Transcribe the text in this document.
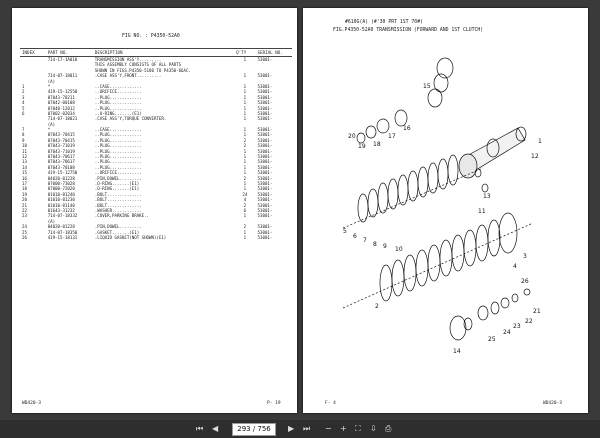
FIG NO. : P4350-52A0
INDEX	PART NO.	DESCRIPTION	Q'TY	SERIAL NO.
	714-17-1A010	TRANSMISSION ASS'Y.........	1	53001-
		THIS ASSEMBLY CONSISTS OF ALL PARTS		
		SHOWN IN FIGS.P4350-5180 TO P4350-66AC.		
	714-07-18011	.CASE ASS'Y,FRONT..........	1	53001-
	(A)			
1	*	..CASE.............	1	53001-
2	419-15-12550	..ORIFICE..........	1	53001-
3	07043-70211	..PLUG.............	1	53001-
4	07042-00108	..PLUG.............	1	53001-
5	07040-12012	..PLUG.............	1	53001-
6	07002-02034	..O-RING.......(E1)	1	53001-
	714-07-18021	.CASE ASS'Y,TORQUE CONVERTER.	1	53001-
	(A)			
7	*	..CASE.............	1	53001-
8	07043-70415	..PLUG.............	1	53001-
9	07043-70415	..PLUG.............	2	53001-
10	07043-71019	..PLUG.............	2	53001-
11	07043-71019	..PLUG.............	1	53001-
12	07043-70617	..PLUG.............	1	53001-
13	07043-70617	..PLUG.............	1	53001-
14	07043-70108	..PLUG.............	1	53001-
15	419-15-12750	..ORIFICE..........	1	53001-
16	04020-01228	.PIN,DOWEL.........	2	53001-
17	07000-73028	.O-RING.......(E1)	1	53001-
18	07000-72020	.O-RING.......(E1)	1	53001-
19	01010-81240	.BOLT..............	24	53001-
20	01010-81230	.BOLT..............	4	53001-
21	01010-81140	.BOLT..............	2	53001-
22	01643-31232	.WASHER............	6	53001-
23	714-07-18332	.COVER,PARKING BRAKE..	1	53001-
	(A)			
24	04020-01228	.PIN,DOWEL.........	2	53001-
25	714-07-18350	.GASKET.......(E1)	1	53001-
26	419-15-18131	.LIQUID GASKET(NOT SHOWN)(E1)	1	53001-
WD420-3	P- 19
#610G(A) (#'30 PRT 1ST 70#)
FIG.P4350-52A0 TRANSMISSION (FORWARD AND 1ST CLUTCH)
20
19 18
17
16
15
1
12
13
11
5
6
7
8 9 10
4
3
26
21
22
23
24
25
14
2
F- 4	WD420-3
⏮ ◀	293 / 756	▶ ⏭ − + ⛶ ⇩ ⎙
